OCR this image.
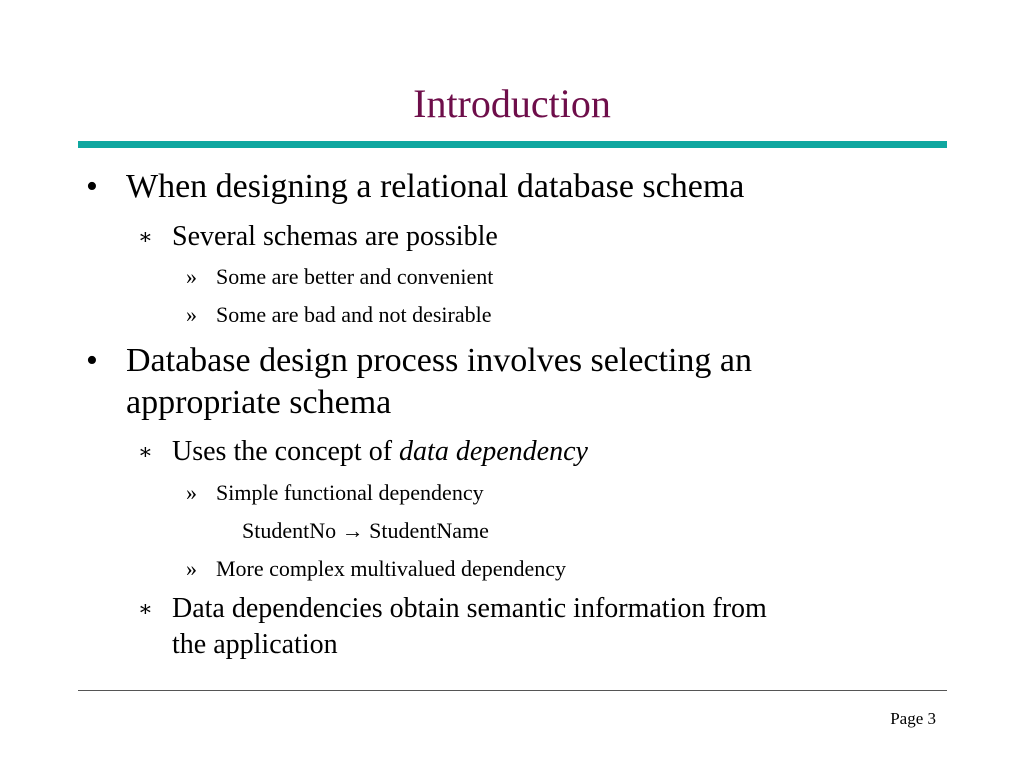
Introduction
• When designing a relational database schema
∗ Several schemas are possible
» Some are better and convenient
» Some are bad and not desirable
• Database design process involves selecting an
appropriate schema
∗ Uses the concept of data dependency
» Simple functional dependency
StudentNo → StudentName
» More complex multivalued dependency
∗ Data dependencies obtain semantic information from
the application
Page 3
